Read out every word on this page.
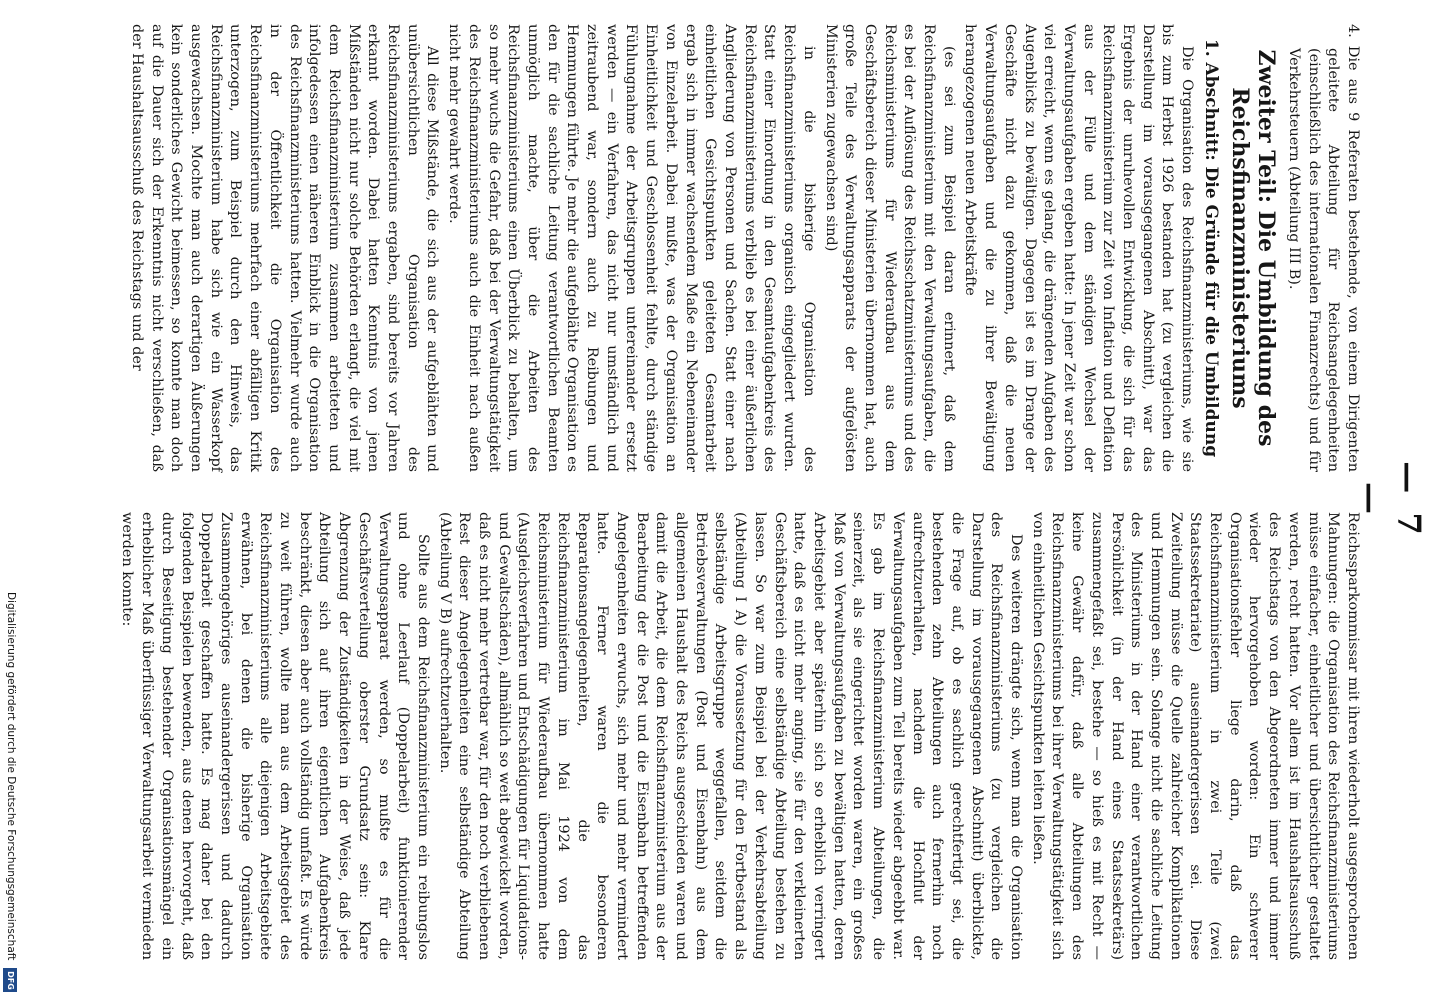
— 7 —

4. Die aus 9 Referaten bestehende, von einem Dirigenten geleitete Abteilung für Reichsangelegenheiten (einschließlich des internationalen Finanzrechts) und für Verkehrsteuern (Abteilung III B).

Zweiter Teil: Die Umbildung des Reichsfinanzministeriums
1. Abschnitt: Die Gründe für die Umbildung

Die Organisation des Reichsfinanzministeriums, wie sie bis zum Herbst 1926 bestanden hat (zu vergleichen die Darstellung im vorausgegangenen Abschnitt), war das Ergebnis der unruhevollen Entwicklung, die sich für das Reichsfinanzministerium zur Zeit von Inflation und Deflation aus der Fülle und dem ständigen Wechsel der Verwaltungsaufgaben ergeben hatte: In jener Zeit war schon viel erreicht, wenn es gelang, die drängenden Aufgaben des Augenblicks zu bewältigen. Dagegen ist es im Drange der Geschäfte nicht dazu gekommen, daß die neuen Verwaltungsaufgaben und die zu ihrer Bewältigung herangezogenen neuen Arbeitskräfte

(es sei zum Beispiel daran erinnert, daß dem Reichsfinanzministerium mit den Verwaltungsaufgaben, die es bei der Auflösung des Reichsschatzministeriums und des Reichsministeriums für Wiederaufbau aus dem Geschäftsbereich dieser Ministerien übernommen hat, auch große Teile des Verwaltungsapparats der aufgelösten Ministerien zugewachsen sind)

in die bisherige Organisation des Reichsfinanzministeriums organisch eingegliedert wurden. Statt einer Einordnung in den Gesamtaufgabenkreis des Reichsfinanzministeriums verblieb es bei einer äußerlichen Angliederung von Personen und Sachen. Statt einer nach einheitlichen Gesichtspunkten geleiteten Gesamtarbeit ergab sich in immer wachsendem Maße ein Nebeneinander von Einzelarbeit. Dabei mußte, was der Organisation an Einheitlichkeit und Geschlossenheit fehlte, durch ständige Fühlungnahme der Arbeitsgruppen untereinander ersetzt werden — ein Verfahren, das nicht nur umständlich und zeitraubend war, sondern auch zu Reibungen und Hemmungen führte. Je mehr die aufgeblähte Organisation es den für die sachliche Leitung verantwortlichen Beamten unmöglich machte, über die Arbeiten des Reichsfinanzministeriums einen Überblick zu behalten, um so mehr wuchs die Gefahr, daß bei der Verwaltungstätigkeit des Reichsfinanzministeriums auch die Einheit nach außen nicht mehr gewahrt werde.

All diese Mißstände, die sich aus der aufgeblähten und unübersichtlichen Organisation des Reichsfinanzministeriums ergaben, sind bereits vor Jahren erkannt worden. Dabei hatten Kenntnis von jenen Mißständen nicht nur solche Behörden erlangt, die viel mit dem Reichsfinanzministerium zusammen arbeiteten und infolgedessen einen näheren Einblick in die Organisation des Reichsfinanzministeriums hatten. Vielmehr wurde auch in der Öffentlichkeit die Organisation des Reichsfinanzministeriums mehrfach einer abfälligen Kritik unterzogen, zum Beispiel durch den Hinweis, das Reichsfinanzministerium habe sich wie ein Wasserkopf ausgewachsen. Mochte man auch derartigen Äußerungen kein sonderliches Gewicht beimessen, so konnte man doch auf die Dauer sich der Erkenntnis nicht verschließen, daß der Haushaltsausschuß des Reichstags und der

Reichssparkommissar mit ihren wiederholt ausgesprochenen Mahnungen: die Organisation des Reichsfinanzministeriums müsse einfacher, einheitlicher und übersichtlicher gestaltet werden, recht hatten. Vor allem ist im Haushaltsausschuß des Reichstags von den Abgeordneten immer und immer wieder hervorgehoben worden: Ein schwerer Organisationsfehler liege darin, daß das Reichsfinanzministerium in zwei Teile (zwei Staatssekretariate) auseinandergerissen sei. Diese Zweiteilung müsse die Quelle zahlreicher Komplikationen und Hemmungen sein. Solange nicht die sachliche Leitung des Ministeriums in der Hand einer verantwortlichen Persönlichkeit (in der Hand eines Staatssekretärs) zusammengefaßt sei, bestehe — so hieß es mit Recht — keine Gewähr dafür, daß alle Abteilungen des Reichsfinanzministeriums bei ihrer Verwaltungstätigkeit sich von einheitlichen Gesichtspunkten leiten ließen.

Des weiteren drängte sich, wenn man die Organisation des Reichsfinanzministeriums (zu vergleichen die Darstellung im vorausgegangenen Abschnitt) überblickte, die Frage auf, ob es sachlich gerechtfertigt sei, die bestehenden zehn Abteilungen auch fernerhin noch aufrechtzuerhalten, nachdem die Hochflut der Verwaltungsaufgaben zum Teil bereits wieder abgeebbt war. Es gab im Reichsfinanzministerium Abteilungen, die seinerzeit, als sie eingerichtet worden waren, ein großes Maß von Verwaltungsaufgaben zu bewältigen hatten, deren Arbeitsgebiet aber späterhin sich so erheblich verringert hatte, daß es nicht mehr anging, sie für den verkleinerten Geschäftsbereich eine selbständige Abteilung bestehen zu lassen. So war zum Beispiel bei der Verkehrsabteilung (Abteilung I A) die Voraussetzung für den Fortbestand als selbständige Arbeitsgruppe weggefallen, seitdem die Betriebsverwaltungen (Post und Eisenbahn) aus dem allgemeinen Haushalt des Reichs ausgeschieden waren und damit die Arbeit, die dem Reichsfinanzministerium aus der Bearbeitung der die Post und die Eisenbahn betreffenden Angelegenheiten erwuchs, sich mehr und mehr vermindert hatte. Ferner waren die besonderen Reparationsangelegenheiten, die das Reichsfinanzministerium im Mai 1924 von dem Reichsministerium für Wiederaufbau übernommen hatte (Ausgleichsverfahren und Entschädigungen für Liquidations- und Gewaltschäden), allmählich so weit abgewickelt worden, daß es nicht mehr vertretbar war, für den noch verbliebenen Rest dieser Angelegenheiten eine selbständige Abteilung (Abteilung V B) aufrechtzuerhalten.

Sollte aus dem Reichsfinanzministerium ein reibungslos und ohne Leerlauf (Doppelarbeit) funktionierender Verwaltungsapparat werden, so mußte es für die Geschäftsverteilung oberster Grundsatz sein: Klare Abgrenzung der Zuständigkeiten in der Weise, daß jede Abteilung sich auf ihren eigentlichen Aufgabenkreis beschränkt, diesen aber auch vollständig umfaßt. Es würde zu weit führen, wollte man aus dem Arbeitsgebiet des Reichsfinanzministeriums alle diejenigen Arbeitsgebiete erwähnen, bei denen die bisherige Organisation Zusammengehöriges auseinandergerissen und dadurch Doppelarbeit geschaffen hatte. Es mag daher bei den folgenden Beispielen bewenden, aus denen hervorgeht, daß durch Beseitigung bestehender Organisationsmängel ein erheblicher Maß überflüssiger Verwaltungsarbeit vermieden werden konnte:

Digitalisierung gefördert durch die Deutsche Forschungsgemeinschaft
DFG
